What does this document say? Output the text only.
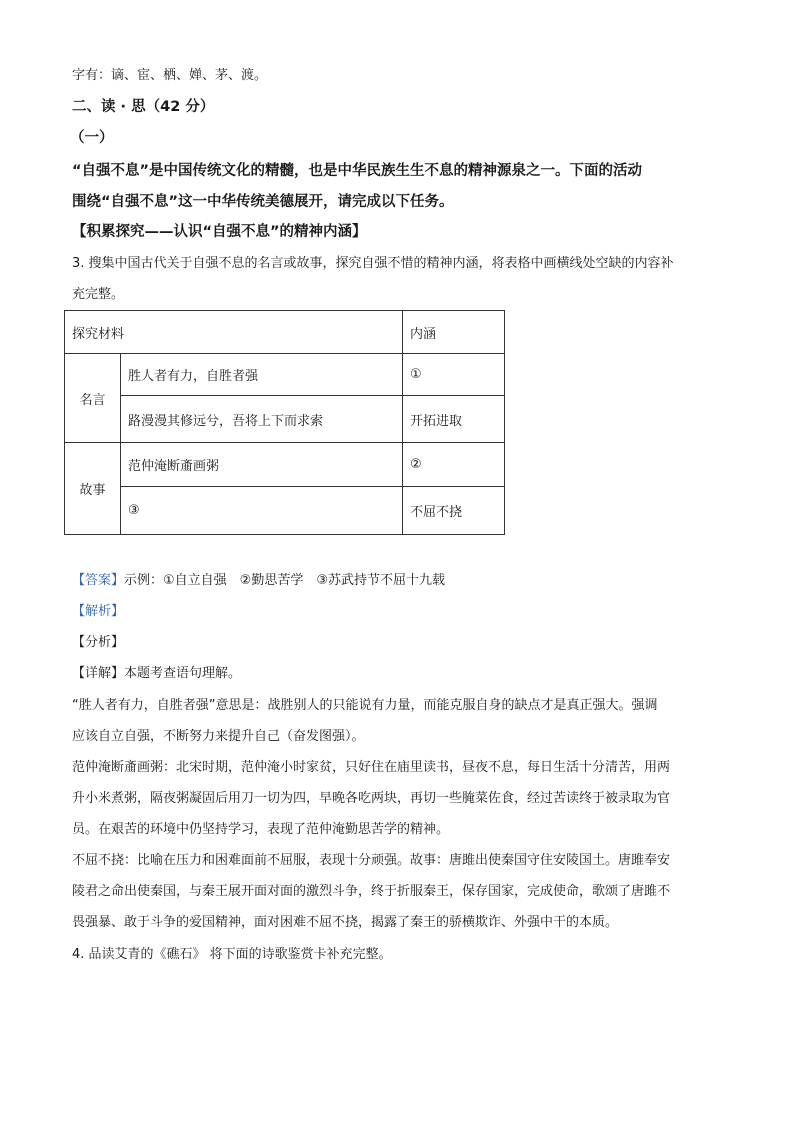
字有：谪、宦、栖、婵、茅、渡。
二、读 · 思（42 分）
（一）
“自强不息”是中国传统文化的精髓，也是中华民族生生不息的精神源泉之一。下面的活动
围绕“自强不息”这一中华传统美德展开，请完成以下任务。
【积累探究——认识“自强不息”的精神内涵】
3. 搜集中国古代关于自强不息的名言或故事，探究自强不惜的精神内涵，将表格中画横线处空缺的内容补
充完整。
探究材料		内涵
名言	胜人者有力，自胜者强	①
	路漫漫其修远兮，吾将上下而求索	开拓进取
故事	范仲淹断齑画粥	②
	③	不屈不挠
【答案】示例：①自立自强　②勤思苦学　③苏武持节不屈十九载
【解析】
【分析】
【详解】本题考查语句理解。
“胜人者有力，自胜者强”意思是：战胜别人的只能说有力量，而能克服自身的缺点才是真正强大。强调
应该自立自强，不断努力来提升自己（奋发图强）。
范仲淹断齑画粥：北宋时期，范仲淹小时家贫，只好住在庙里读书，昼夜不息，每日生活十分清苦，用两
升小米煮粥，隔夜粥凝固后用刀一切为四，早晚各吃两块，再切一些腌菜佐食，经过苦读终于被录取为官
员。在艰苦的环境中仍坚持学习，表现了范仲淹勤思苦学的精神。
不屈不挠：比喻在压力和困难面前不屈服，表现十分顽强。故事：唐雎出使秦国守住安陵国土。唐雎奉安
陵君之命出使秦国，与秦王展开面对面的激烈斗争，终于折服秦王，保存国家，完成使命，歌颂了唐雎不
畏强暴、敢于斗争的爱国精神，面对困难不屈不挠，揭露了秦王的骄横欺诈、外强中干的本质。
4. 品读艾青的《礁石》 将下面的诗歌鉴赏卡补充完整。
